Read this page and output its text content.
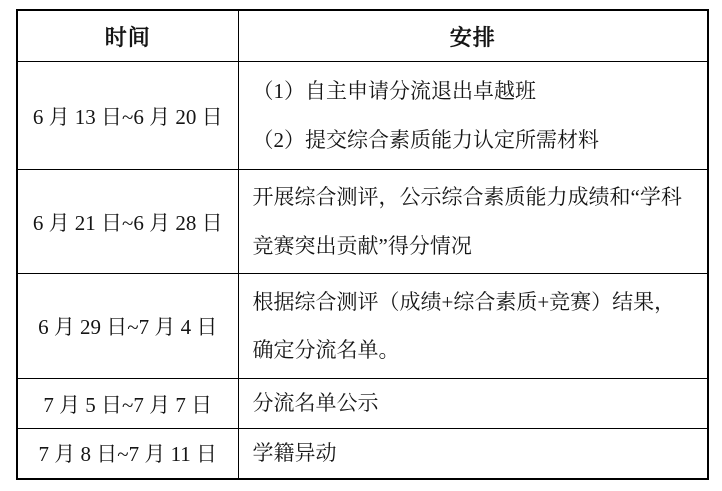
时间	安排
6 月 13 日~6 月 20 日	（1）自主申请分流退出卓越班

（2）提交综合素质能力认定所需材料

6 月 21 日~6 月 28 日	开展综合测评，公示综合素质能力成绩和“学科竞赛突出贡献”得分情况

6 月 29 日~7 月 4 日	根据综合测评（成绩+综合素质+竞赛）结果，确定分流名单。

7 月 5 日~7 月 7 日	分流名单公示

7 月 8 日~7 月 11 日	学籍异动
